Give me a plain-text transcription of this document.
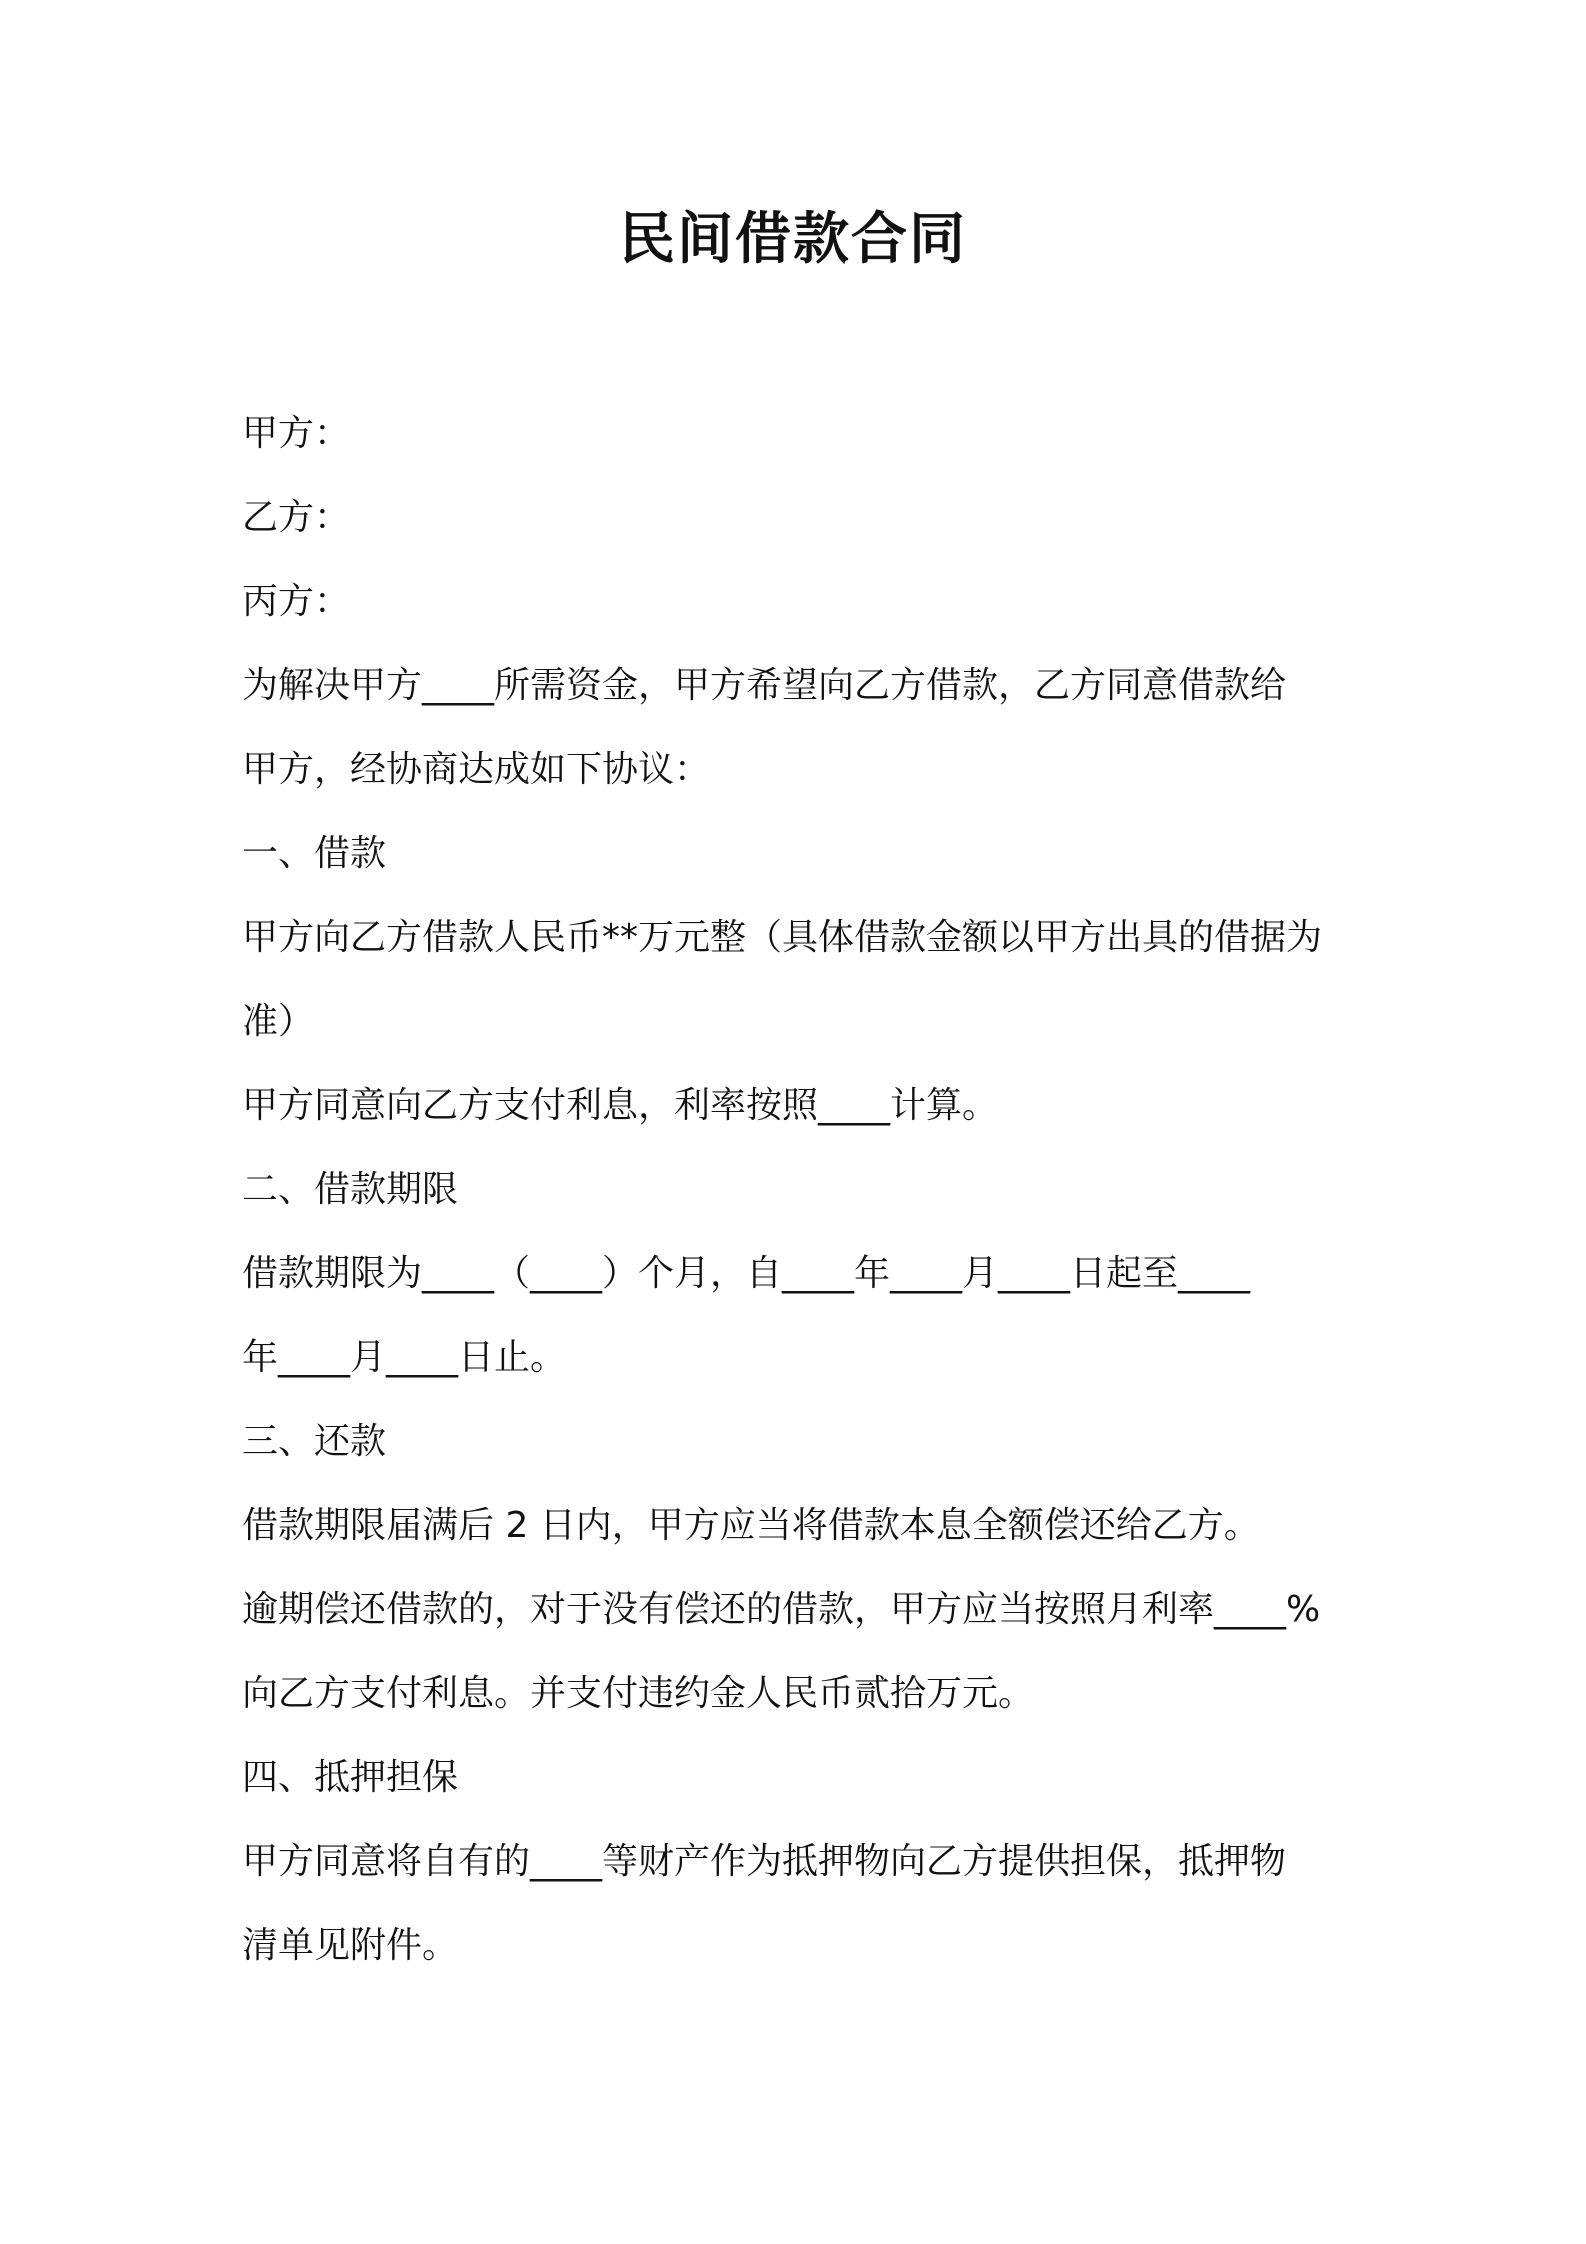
民间借款合同

甲方：

乙方：

丙方：

为解决甲方____所需资金，甲方希望向乙方借款，乙方同意借款给

甲方，经协商达成如下协议：

一、借款

甲方向乙方借款人民币**万元整（具体借款金额以甲方出具的借据为

准）

甲方同意向乙方支付利息，利率按照____计算。

二、借款期限

借款期限为____（____）个月，自____年____月____日起至____

年____月____日止。

三、还款

借款期限届满后 2 日内，甲方应当将借款本息全额偿还给乙方。

逾期偿还借款的，对于没有偿还的借款，甲方应当按照月利率____%

向乙方支付利息。并支付违约金人民币贰拾万元。

四、抵押担保

甲方同意将自有的____等财产作为抵押物向乙方提供担保，抵押物

清单见附件。
